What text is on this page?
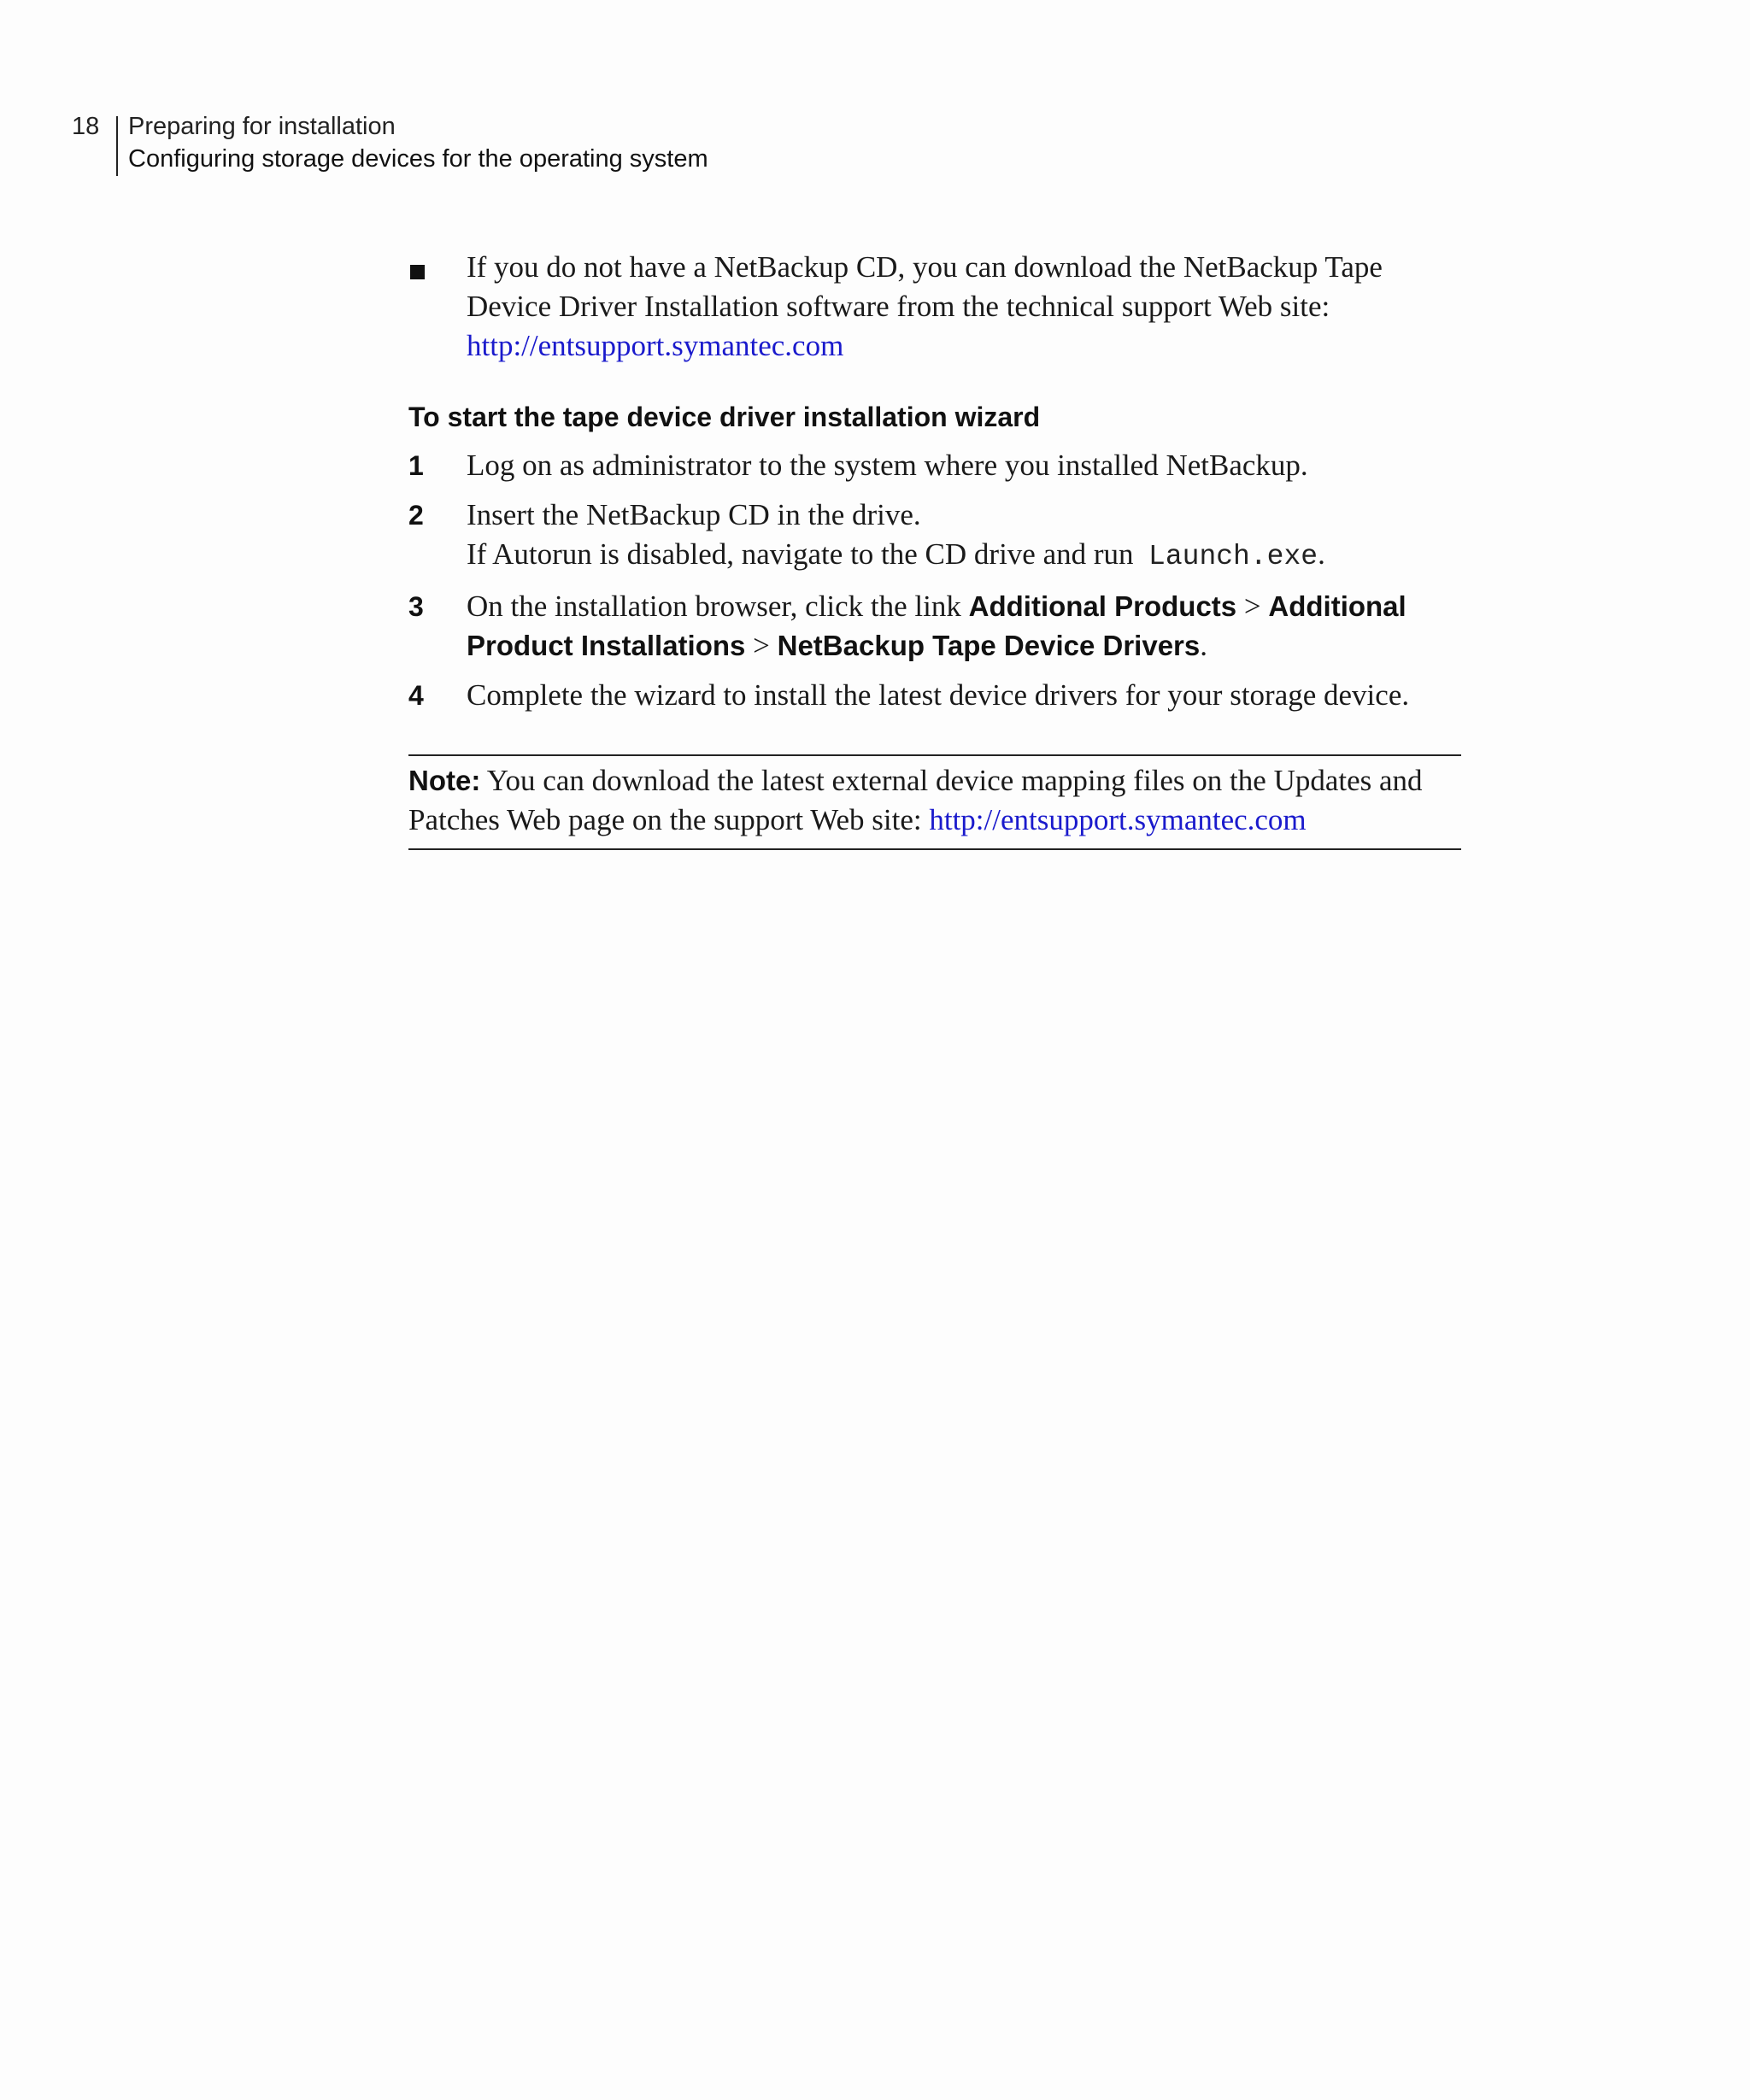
18 Preparing for installation
Configuring storage devices for the operating system
If you do not have a NetBackup CD, you can download the NetBackup Tape Device Driver Installation software from the technical support Web site:
http://entsupport.symantec.com
To start the tape device driver installation wizard
1 Log on as administrator to the system where you installed NetBackup.
2 Insert the NetBackup CD in the drive.
If Autorun is disabled, navigate to the CD drive and run Launch.exe.
3 On the installation browser, click the link Additional Products > Additional Product Installations > NetBackup Tape Device Drivers.
4 Complete the wizard to install the latest device drivers for your storage device.
Note: You can download the latest external device mapping files on the Updates and Patches Web page on the support Web site: http://entsupport.symantec.com
